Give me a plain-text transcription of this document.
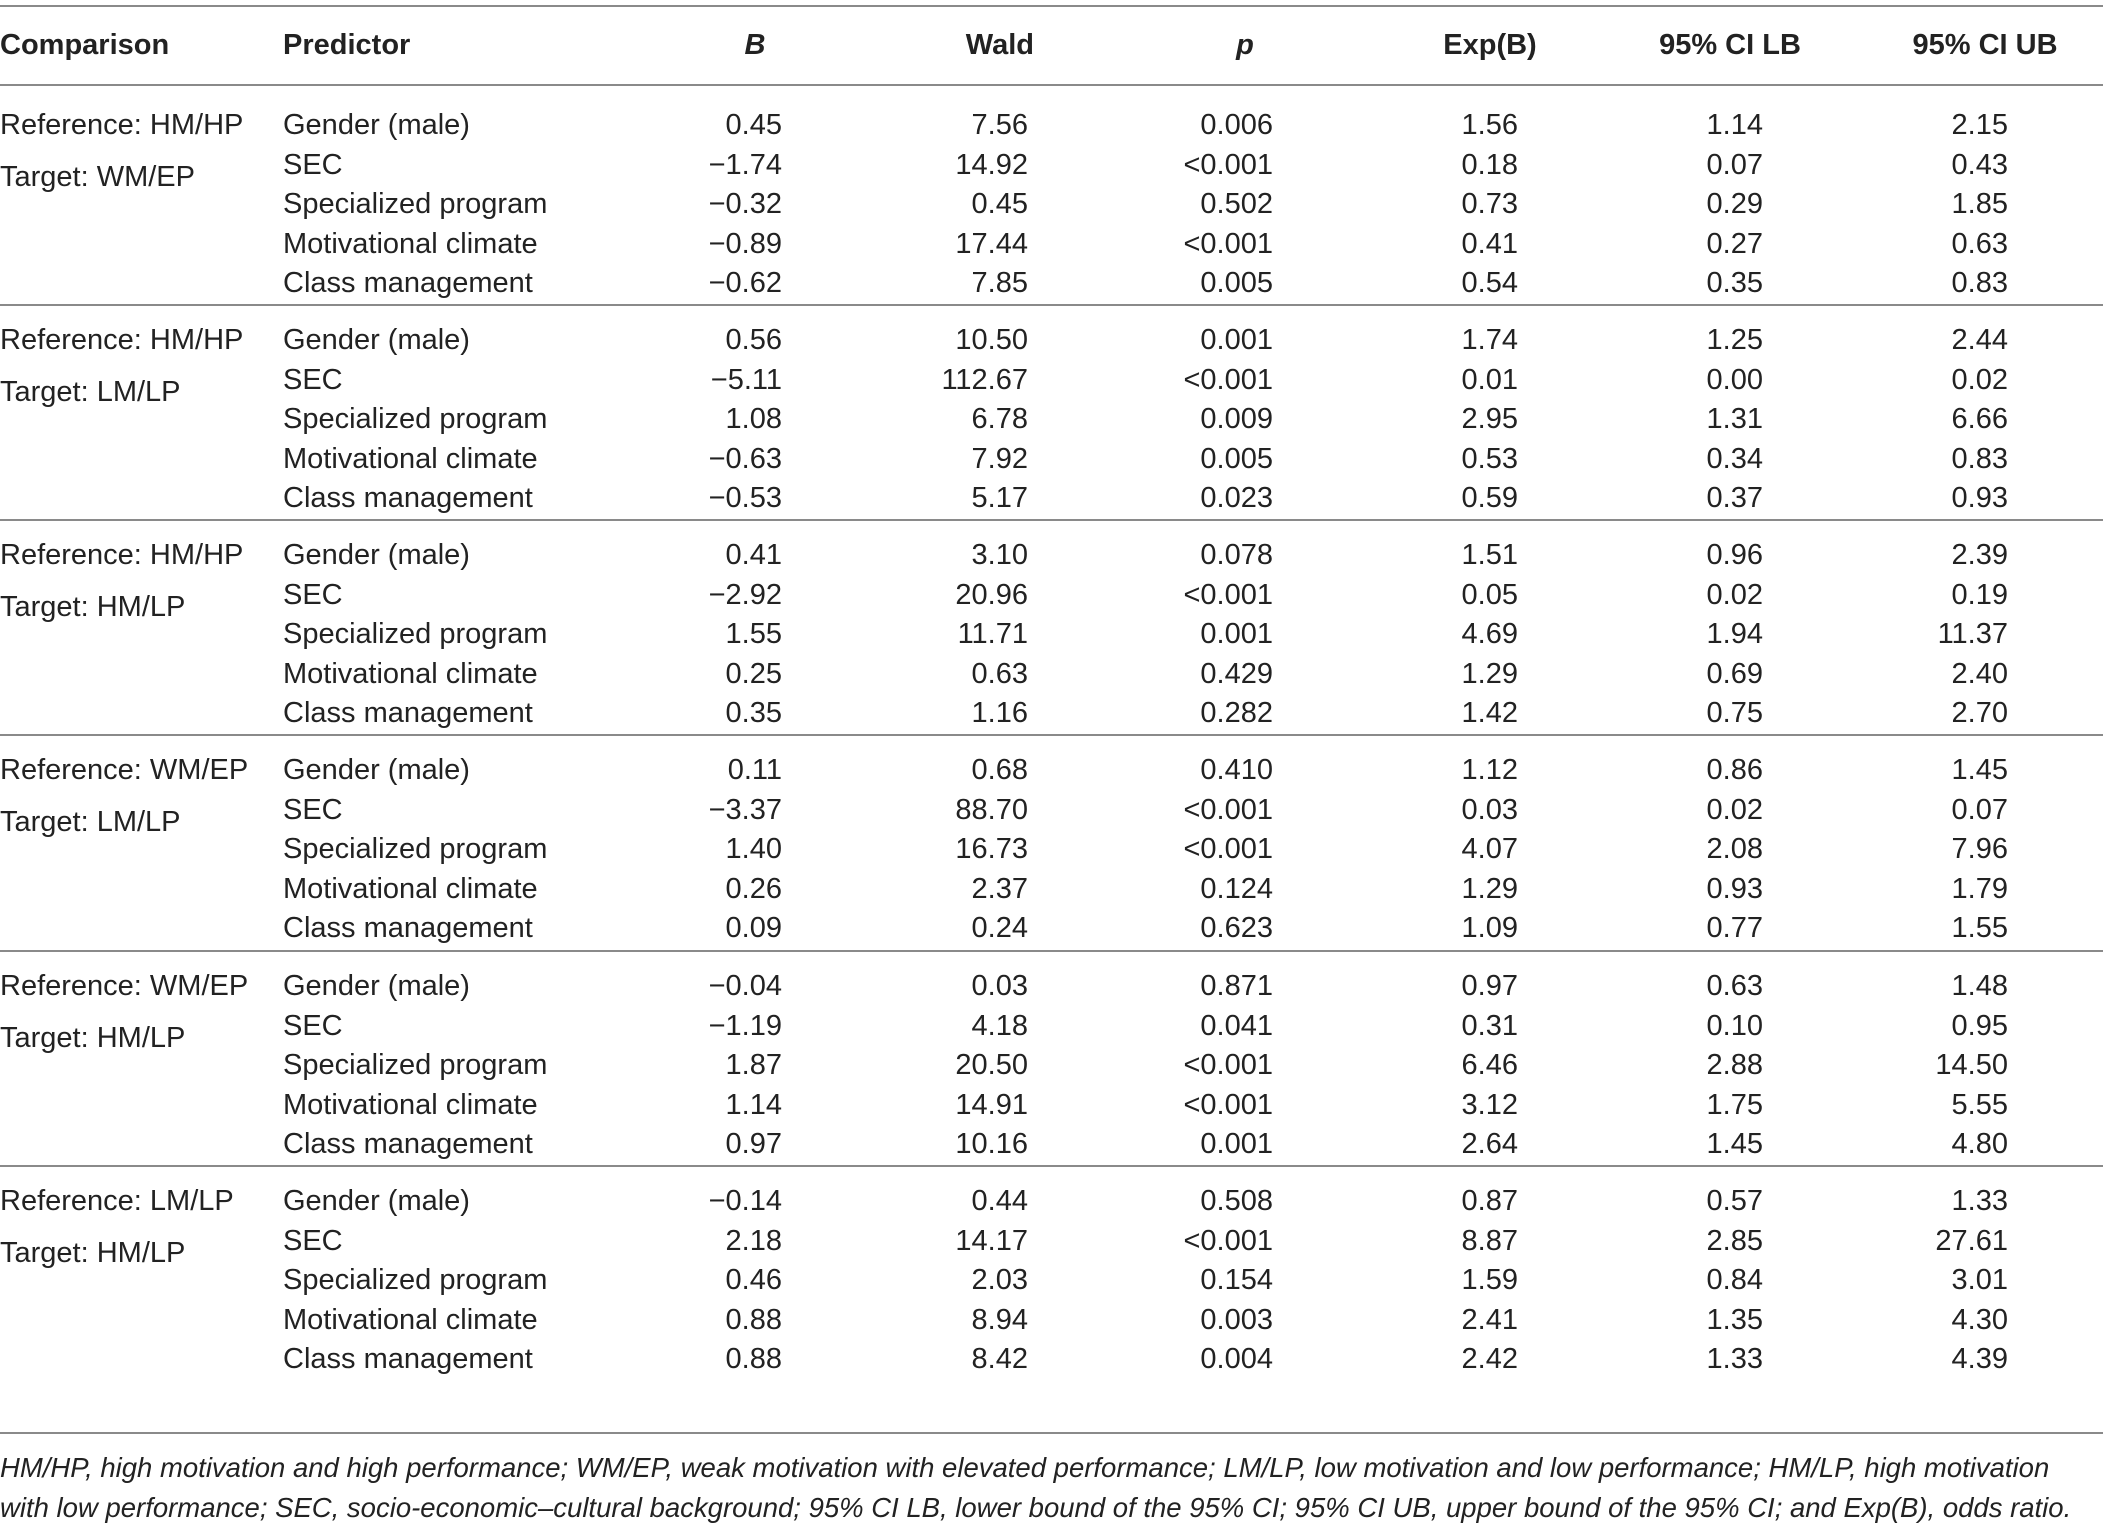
Comparison	Predictor	B	Wald	p	Exp(B)	95% CI LB	95% CI UB
Reference: HM/HP
Target: WM/EP
Gender (male)	0.45	7.56	0.006	1.56	1.14	2.15
SEC	−1.74	14.92	<0.001	0.18	0.07	0.43
Specialized program	−0.32	0.45	0.502	0.73	0.29	1.85
Motivational climate	−0.89	17.44	<0.001	0.41	0.27	0.63
Class management	−0.62	7.85	0.005	0.54	0.35	0.83
Reference: HM/HP
Target: LM/LP
Gender (male)	0.56	10.50	0.001	1.74	1.25	2.44
SEC	−5.11	112.67	<0.001	0.01	0.00	0.02
Specialized program	1.08	6.78	0.009	2.95	1.31	6.66
Motivational climate	−0.63	7.92	0.005	0.53	0.34	0.83
Class management	−0.53	5.17	0.023	0.59	0.37	0.93
Reference: HM/HP
Target: HM/LP
Gender (male)	0.41	3.10	0.078	1.51	0.96	2.39
SEC	−2.92	20.96	<0.001	0.05	0.02	0.19
Specialized program	1.55	11.71	0.001	4.69	1.94	11.37
Motivational climate	0.25	0.63	0.429	1.29	0.69	2.40
Class management	0.35	1.16	0.282	1.42	0.75	2.70
Reference: WM/EP
Target: LM/LP
Gender (male)	0.11	0.68	0.410	1.12	0.86	1.45
SEC	−3.37	88.70	<0.001	0.03	0.02	0.07
Specialized program	1.40	16.73	<0.001	4.07	2.08	7.96
Motivational climate	0.26	2.37	0.124	1.29	0.93	1.79
Class management	0.09	0.24	0.623	1.09	0.77	1.55
Reference: WM/EP
Target: HM/LP
Gender (male)	−0.04	0.03	0.871	0.97	0.63	1.48
SEC	−1.19	4.18	0.041	0.31	0.10	0.95
Specialized program	1.87	20.50	<0.001	6.46	2.88	14.50
Motivational climate	1.14	14.91	<0.001	3.12	1.75	5.55
Class management	0.97	10.16	0.001	2.64	1.45	4.80
Reference: LM/LP
Target: HM/LP
Gender (male)	−0.14	0.44	0.508	0.87	0.57	1.33
SEC	2.18	14.17	<0.001	8.87	2.85	27.61
Specialized program	0.46	2.03	0.154	1.59	0.84	3.01
Motivational climate	0.88	8.94	0.003	2.41	1.35	4.30
Class management	0.88	8.42	0.004	2.42	1.33	4.39
HM/HP, high motivation and high performance; WM/EP, weak motivation with elevated performance; LM/LP, low motivation and low performance; HM/LP, high motivation with low performance; SEC, socio-economic–cultural background; 95% CI LB, lower bound of the 95% CI; 95% CI UB, upper bound of the 95% CI; and Exp(B), odds ratio.
